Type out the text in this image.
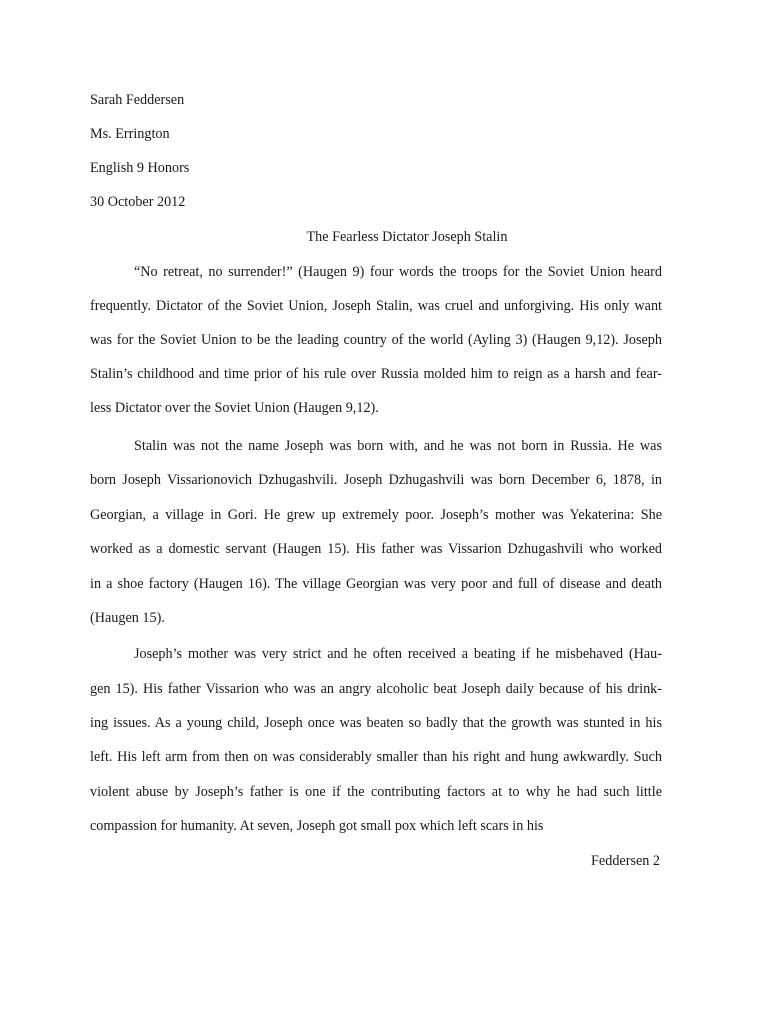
Sarah Feddersen
Ms. Errington
English 9 Honors
30 October 2012
The Fearless Dictator Joseph Stalin
“No retreat, no surrender!” (Haugen 9) four words the troops for the Soviet Union heard
frequently. Dictator of the Soviet Union, Joseph Stalin, was cruel and unforgiving. His only want
was for the Soviet Union to be the leading country of the world (Ayling 3) (Haugen 9,12). Joseph
Stalin’s childhood and time prior of his rule over Russia molded him to reign as a harsh and fear-
less Dictator over the Soviet Union (Haugen 9,12).
Stalin was not the name Joseph was born with, and he was not born in Russia. He was
born Joseph Vissarionovich Dzhugashvili. Joseph Dzhugashvili was born December 6, 1878, in
Georgian, a village in Gori. He grew up extremely poor. Joseph’s mother was Yekaterina: She
worked as a domestic servant (Haugen 15). His father was Vissarion Dzhugashvili who worked
in a shoe factory (Haugen 16). The village Georgian was very poor and full of disease and death
(Haugen 15).
Joseph’s mother was very strict and he often received a beating if he misbehaved (Hau-
gen 15). His father Vissarion who was an angry alcoholic beat Joseph daily because of his drink-
ing issues. As a young child, Joseph once was beaten so badly that the growth was stunted in his
left. His left arm from then on was considerably smaller than his right and hung awkwardly. Such
violent abuse by Joseph’s father is one if the contributing factors at to why he had such little
compassion for humanity. At seven, Joseph got small pox which left scars in his
Feddersen 2
